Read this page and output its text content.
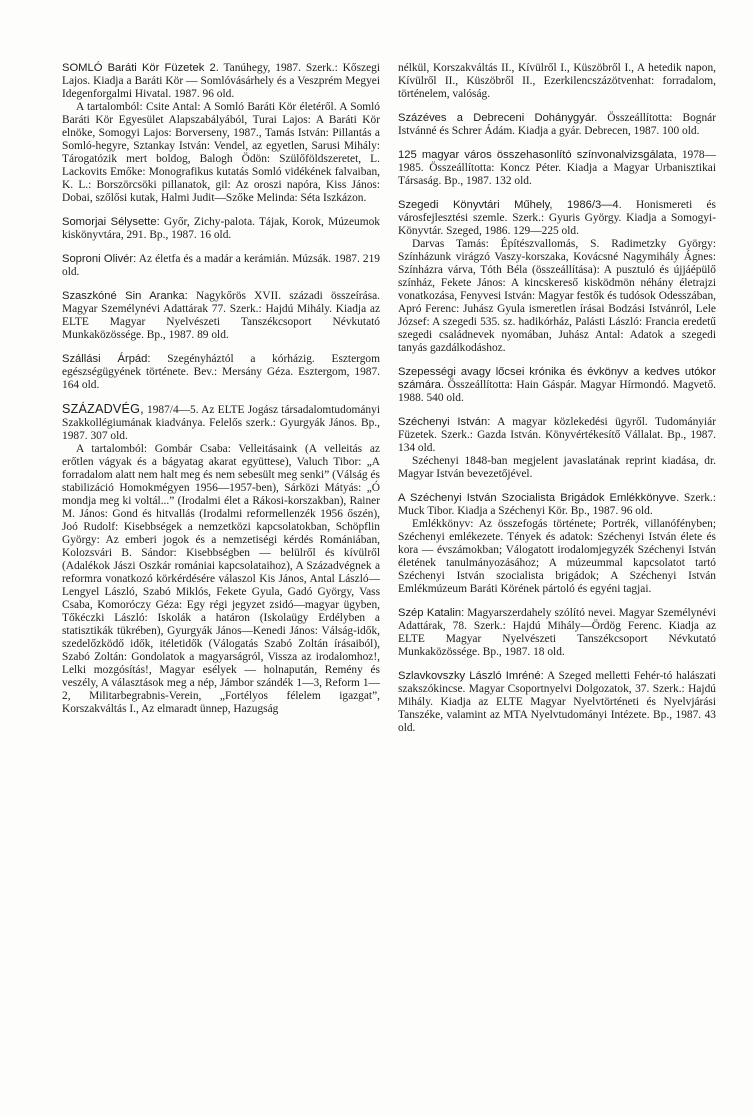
SOMLÓ Baráti Kör Füzetek 2. Tanúhegy, 1987. Szerk.: Kőszegi Lajos. Kiadja a Baráti Kör — Somlóvásárhely és a Veszprém Megyei Idegenforgalmi Hivatal. 1987. 96 old.

A tartalomból: Csite Antal: A Somló Baráti Kör életéről. A Somló Baráti Kör Egyesület Alapszabályából, Turai Lajos: A Baráti Kör elnöke, Somogyi Lajos: Borverseny, 1987., Tamás István: Pillantás a Somló-hegyre, Sztankay István: Vendel, az egyetlen, Sarusi Mihály: Tárogatózik mert boldog, Balogh Ödön: Szülőföldszeretet, L. Lackovits Emőke: Monografikus kutatás Somló vidékének falvaiban, K. L.: Borszörcsöki pillanatok, gil: Az oroszi napóra, Kiss János: Dobai, szőlősi kutak, Halmi Judit—Szőke Melinda: Séta Iszkázon.

Somorjai Sélysette: Győr, Zichy-palota. Tájak, Korok, Múzeumok kiskönyvtára, 291. Bp., 1987. 16 old.

Soproni Olivér: Az életfa és a madár a kerámián. Múzsák. 1987. 219 old.

Szaszkóné Sin Aranka: Nagykőrös XVII. századi összeírása. Magyar Személynévi Adattárak 77. Szerk.: Hajdú Mihály. Kiadja az ELTE Magyar Nyelvészeti Tanszékcsoport Névkutató Munkaközössége. Bp., 1987. 89 old.

Szállási Árpád: Szegényháztól a kórházig. Esztergom egészségügyének története. Bev.: Mersány Géza. Esztergom, 1987. 164 old.

SZÁZADVÉG, 1987/4—5. Az ELTE Jogász társadalomtudományi Szakkollégiumának kiadványa. Felelős szerk.: Gyurgyák János. Bp., 1987. 307 old.

A tartalomból: Gombár Csaba: Velleitásaink (A velleitás az erőtlen vágyak és a bágyatag akarat együttese), Valuch Tibor: „A forradalom alatt nem halt meg és nem sebesült meg senki” (Válság és stabilizáció Homokmégyen 1956—1957-ben), Sárközi Mátyás: „Ó mondja meg ki voltál...” (Irodalmi élet a Rákosi-korszakban), Rainer M. János: Gond és hitvallás (Irodalmi reformellenzék 1956 őszén), Joó Rudolf: Kisebbségek a nemzetközi kapcsolatokban, Schöpflin György: Az emberi jogok és a nemzetiségi kérdés Romániában, Kolozsvári B. Sándor: Kisebbségben — belülről és kívülről (Adalékok Jászi Oszkár romániai kapcsolataihoz), A Századvégnek a reformra vonatkozó körkérdésére válaszol Kis János, Antal László—Lengyel László, Szabó Miklós, Fekete Gyula, Gadó György, Vass Csaba, Komoróczy Géza: Egy régi jegyzet zsidó—magyar ügyben, Tőkéczki László: Iskolák a határon (Iskolaügy Erdélyben a statisztikák tükrében), Gyurgyák János—Kenedi János: Válság-idők, szedelőzködő idők, itéletidők (Válogatás Szabó Zoltán írásaiból), Szabó Zoltán: Gondolatok a magyarságról, Vissza az irodalomhoz!, Lelki mozgósítás!, Magyar esélyek — holnapután, Remény és veszély, A választások meg a nép, Jámbor szándék 1—3, Reform 1—2, Militarbegrabnis-Verein, „Fortélyos félelem igazgat”, Korszakváltás I., Az elmaradt ünnep, Hazugság

nélkül, Korszakváltás II., Kívülről I., Küszöbről I., A hetedik napon, Kívülről II., Küszöbről II., Ezerkilencszázötvenhat: forradalom, történelem, valóság.

Százéves a Debreceni Dohánygyár. Összeállította: Bognár Istvánné és Schrer Ádám. Kiadja a gyár. Debrecen, 1987. 100 old.

125 magyar város összehasonlító színvonalvizsgálata, 1978—1985. Összeállította: Koncz Péter. Kiadja a Magyar Urbanisztikai Társaság. Bp., 1987. 132 old.

Szegedi Könyvtári Műhely, 1986/3—4. Honismereti és városfejlesztési szemle. Szerk.: Gyuris György. Kiadja a Somogyi-Könyvtár. Szeged, 1986. 129—225 old.

Darvas Tamás: Építészvallomás, S. Radimetzky György: Színházunk virágzó Vaszy-korszaka, Kovácsné Nagymihály Ágnes: Színházra várva, Tóth Béla (összeállítása): A pusztuló és újjáépülő színház, Fekete János: A kincskereső kisködmön néhány életrajzi vonatkozása, Fenyvesi István: Magyar festők és tudósok Odesszában, Apró Ferenc: Juhász Gyula ismeretlen írásai Bodzási Istvánról, Lele József: A szegedi 535. sz. hadikórház, Palásti László: Francia eredetű szegedi családnevek nyomában, Juhász Antal: Adatok a szegedi tanyás gazdálkodáshoz.

Szepességi avagy lőcsei krónika és évkönyv a kedves utókor számára. Összeállította: Hain Gáspár. Magyar Hírmondó. Magvető. 1988. 540 old.

Széchenyi István: A magyar közlekedési ügyről. Tudományiár Füzetek. Szerk.: Gazda István. Könyvértékesítő Vállalat. Bp., 1987. 134 old.

Széchenyi 1848-ban megjelent javaslatának reprint kiadása, dr. Magyar István bevezetőjével.

A Széchenyi István Szocialista Brigádok Emlékkönyve. Szerk.: Muck Tibor. Kiadja a Széchenyi Kör. Bp., 1987. 96 old.

Emlékkönyv: Az összefogás története; Portrék, villanófényben; Széchenyi emlékezete. Tények és adatok: Széchenyi István élete és kora — évszámokban; Válogatott irodalomjegyzék Széchenyi István életének tanulmányozásához; A múzeummal kapcsolatot tartó Széchenyi István szocialista brigádok; A Széchenyi István Emlékmúzeum Baráti Körének pártoló és egyéni tagjai.

Szép Katalin: Magyarszerdahely szólító nevei. Magyar Személynévi Adattárak, 78. Szerk.: Hajdú Mihály—Ördög Ferenc. Kiadja az ELTE Magyar Nyelvészeti Tanszékcsoport Névkutató Munkaközössége. Bp., 1987. 18 old.

Szlavkovszky László Imréné: A Szeged melletti Fehér-tó halászati szakszókincse. Magyar Csoportnyelvi Dolgozatok, 37. Szerk.: Hajdú Mihály. Kiadja az ELTE Magyar Nyelvtörténeti és Nyelvjárási Tanszéke, valamint az MTA Nyelvtudományi Intézete. Bp., 1987. 43 old.
